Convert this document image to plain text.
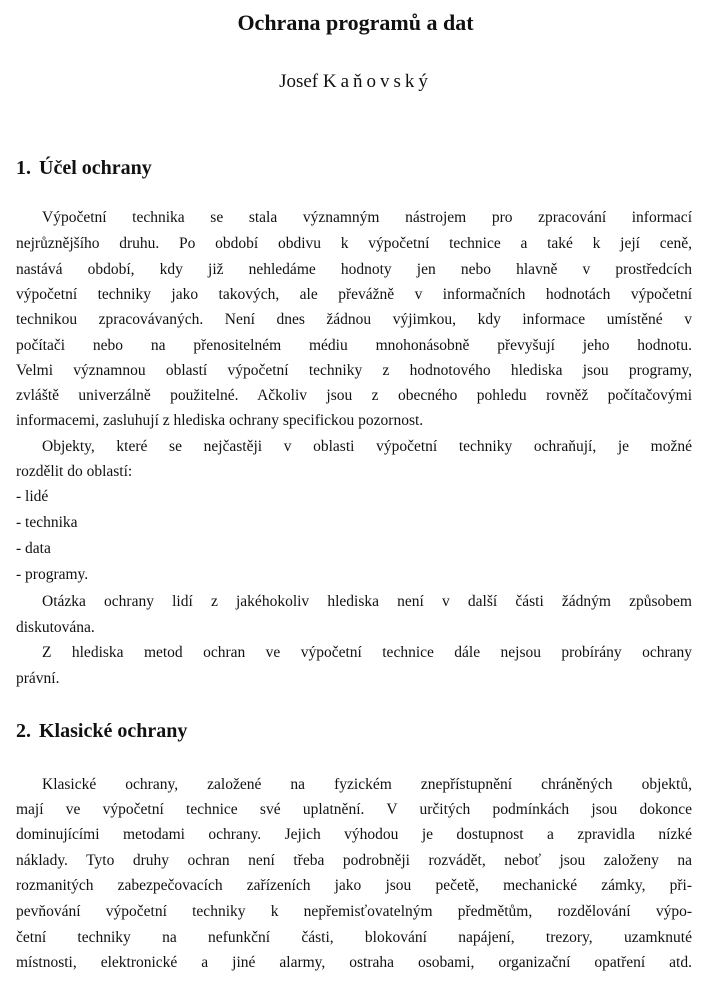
Ochrana programů a dat
Josef Kaňovský
1. Účel ochrany
Výpočetní technika se stala významným nástrojem pro zpracování informací
nejrůznějšího druhu. Po období obdivu k výpočetní technice a také k její ceně,
nastává období, kdy již nehledáme hodnoty jen nebo hlavně v prostředcích
výpočetní techniky jako takových, ale převážně v informačních hodnotách výpočetní
technikou zpracovávaných. Není dnes žádnou výjimkou, kdy informace umístěné v
počítači nebo na přenositelném médiu mnohonásobně převyšují jeho hodnotu.
Velmi významnou oblastí výpočetní techniky z hodnotového hlediska jsou programy,
zvláště univerzálně použitelné. Ačkoliv jsou z obecného pohledu rovněž počítačovými
informacemi, zasluhují z hlediska ochrany specifickou pozornost.
Objekty, které se nejčastěji v oblasti výpočetní techniky ochraňují, je možné
rozdělit do oblastí:
- lidé
- technika
- data
- programy.
Otázka ochrany lidí z jakéhokoliv hlediska není v další části žádným způsobem
diskutována.
Z hlediska metod ochran ve výpočetní technice dále nejsou probírány ochrany
právní.
2. Klasické ochrany
Klasické ochrany, založené na fyzickém znepřístupnění chráněných objektů,
mají ve výpočetní technice své uplatnění. V určitých podmínkách jsou dokonce
dominujícími metodami ochrany. Jejich výhodou je dostupnost a zpravidla nízké
náklady. Tyto druhy ochran není třeba podrobněji rozvádět, neboť jsou založeny na
rozmanitých zabezpečovacích zařízeních jako jsou pečetě, mechanické zámky, při-
pevňování výpočetní techniky k nepřemisťovatelným předmětům, rozdělování výpo-
četní techniky na nefunkční části, blokování napájení, trezory, uzamknuté
místnosti, elektronické a jiné alarmy, ostraha osobami, organizační opatření atd.
